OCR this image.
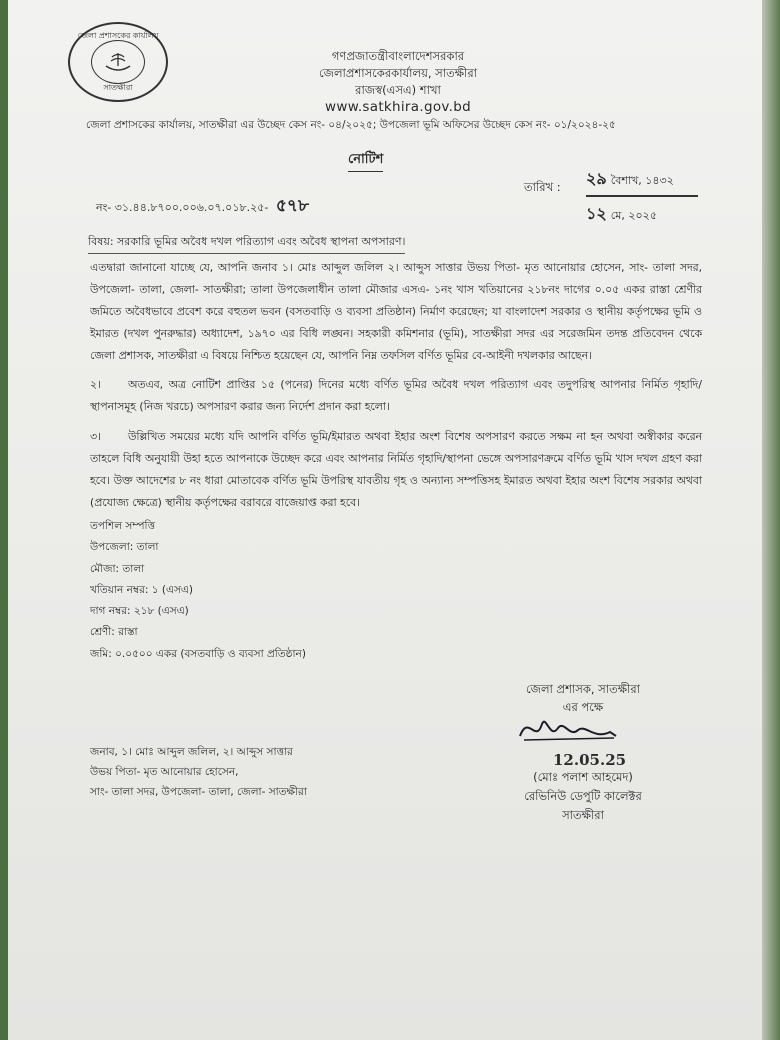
জেলা প্রশাসকের কার্যালয়
সাতক্ষীরা
গণপ্রজাতন্ত্রীবাংলাদেশসরকার
জেলাপ্রশাসকেরকার্যালয়, সাতক্ষীরা
রাজস্ব(এসএ) শাখা
www.satkhira.gov.bd
জেলা প্রশাসকের কার্যালয়, সাতক্ষীরা এর উচ্ছেদ কেস নং- ০৪/২০২৫; উপজেলা ভূমি অফিসের উচ্ছেদ কেস নং- ০১/২০২৪-২৫
নোটিশ
নং- ৩১.৪৪.৮৭০০.০০৬.০৭.০১৮.২৫- ৫৭৮
তারিখ : ২৯ বৈশাখ, ১৪৩২
১২ মে, ২০২৫
বিষয়: সরকারি ভূমির অবৈধ দখল পরিত্যাগ এবং অবৈধ স্থাপনা অপসারণ।
এতদ্বারা জানানো যাচ্ছে যে, আপনি জনাব ১। মোঃ আব্দুল জলিল ২। আব্দুস সাত্তার উভয় পিতা- মৃত আনোয়ার হোসেন, সাং- তালা সদর, উপজেলা- তালা, জেলা- সাতক্ষীরা; তালা উপজেলাধীন তালা মৌজার এসএ- ১নং খাস খতিয়ানের ২১৮নং দাগের ০.০৫ একর রাস্তা শ্রেণীর জমিতে অবৈধভাবে প্রবেশ করে বহুতল ভবন (বসতবাড়ি ও ব্যবসা প্রতিষ্ঠান) নির্মাণ করেছেন; যা বাংলাদেশ সরকার ও স্থানীয় কর্তৃপক্ষের ভূমি ও ইমারত (দখল পুনরুদ্ধার) অধ্যাদেশ, ১৯৭০ এর বিধি লঙ্ঘন। সহকারী কমিশনার (ভূমি), সাতক্ষীরা সদর এর সরেজমিন তদন্ত প্রতিবেদন থেকে জেলা প্রশাসক, সাতক্ষীরা এ বিষয়ে নিশ্চিত হয়েছেন যে, আপনি নিম্ন তফসিল বর্ণিত ভূমির বে-আইনী দখলকার আছেন।
২।	অতএব, অত্র নোটিশ প্রাপ্তির ১৫ (পনের) দিনের মধ্যে বর্ণিত ভূমির অবৈধ দখল পরিত্যাগ এবং তদুপরিস্থ আপনার নির্মিত গৃহাদি/স্থাপনাসমূহ (নিজ খরচে) অপসারণ করার জন্য নির্দেশ প্রদান করা হলো।
৩।	উল্লিখিত সময়ের মধ্যে যদি আপনি বর্ণিত ভূমি/ইমারত অথবা ইহার অংশ বিশেষ অপসারণ করতে সক্ষম না হন অথবা অস্বীকার করেন তাহলে বিধি অনুযায়ী উহা হতে আপনাকে উচ্ছেদ করে এবং আপনার নির্মিত গৃহাদি/স্থাপনা ভেঙ্গে অপসারণক্রমে বর্ণিত ভূমি খাস দখল গ্রহণ করা হবে। উক্ত আদেশের ৮ নং ধারা মোতাবেক বর্ণিত ভূমি উপরিস্থ যাবতীয় গৃহ ও অন্যান্য সম্পত্তিসহ ইমারত অথবা ইহার অংশ বিশেষ সরকার অথবা (প্রযোজ্য ক্ষেত্রে) স্থানীয় কর্তৃপক্ষের বরাবরে বাজেয়াপ্ত করা হবে।
তপশিল সম্পত্তি
উপজেলা: তালা
মৌজা: তালা
খতিয়ান নম্বর: ১ (এসএ)
দাগ নম্বর: ২১৮ (এসএ)
শ্রেণী: রাস্তা
জমি: ০.০৫০০ একর (বসতবাড়ি ও ব্যবসা প্রতিষ্ঠান)
জেলা প্রশাসক, সাতক্ষীরা
এর পক্ষে
12.05.25
(মোঃ পলাশ আহমেদ)
রেভিনিউ ডেপুটি কালেক্টর
সাতক্ষীরা
জনাব, ১। মোঃ আব্দুল জলিল, ২। আব্দুস সাত্তার
উভয় পিতা- মৃত আনোয়ার হোসেন,
সাং- তালা সদর, উপজেলা- তালা, জেলা- সাতক্ষীরা
